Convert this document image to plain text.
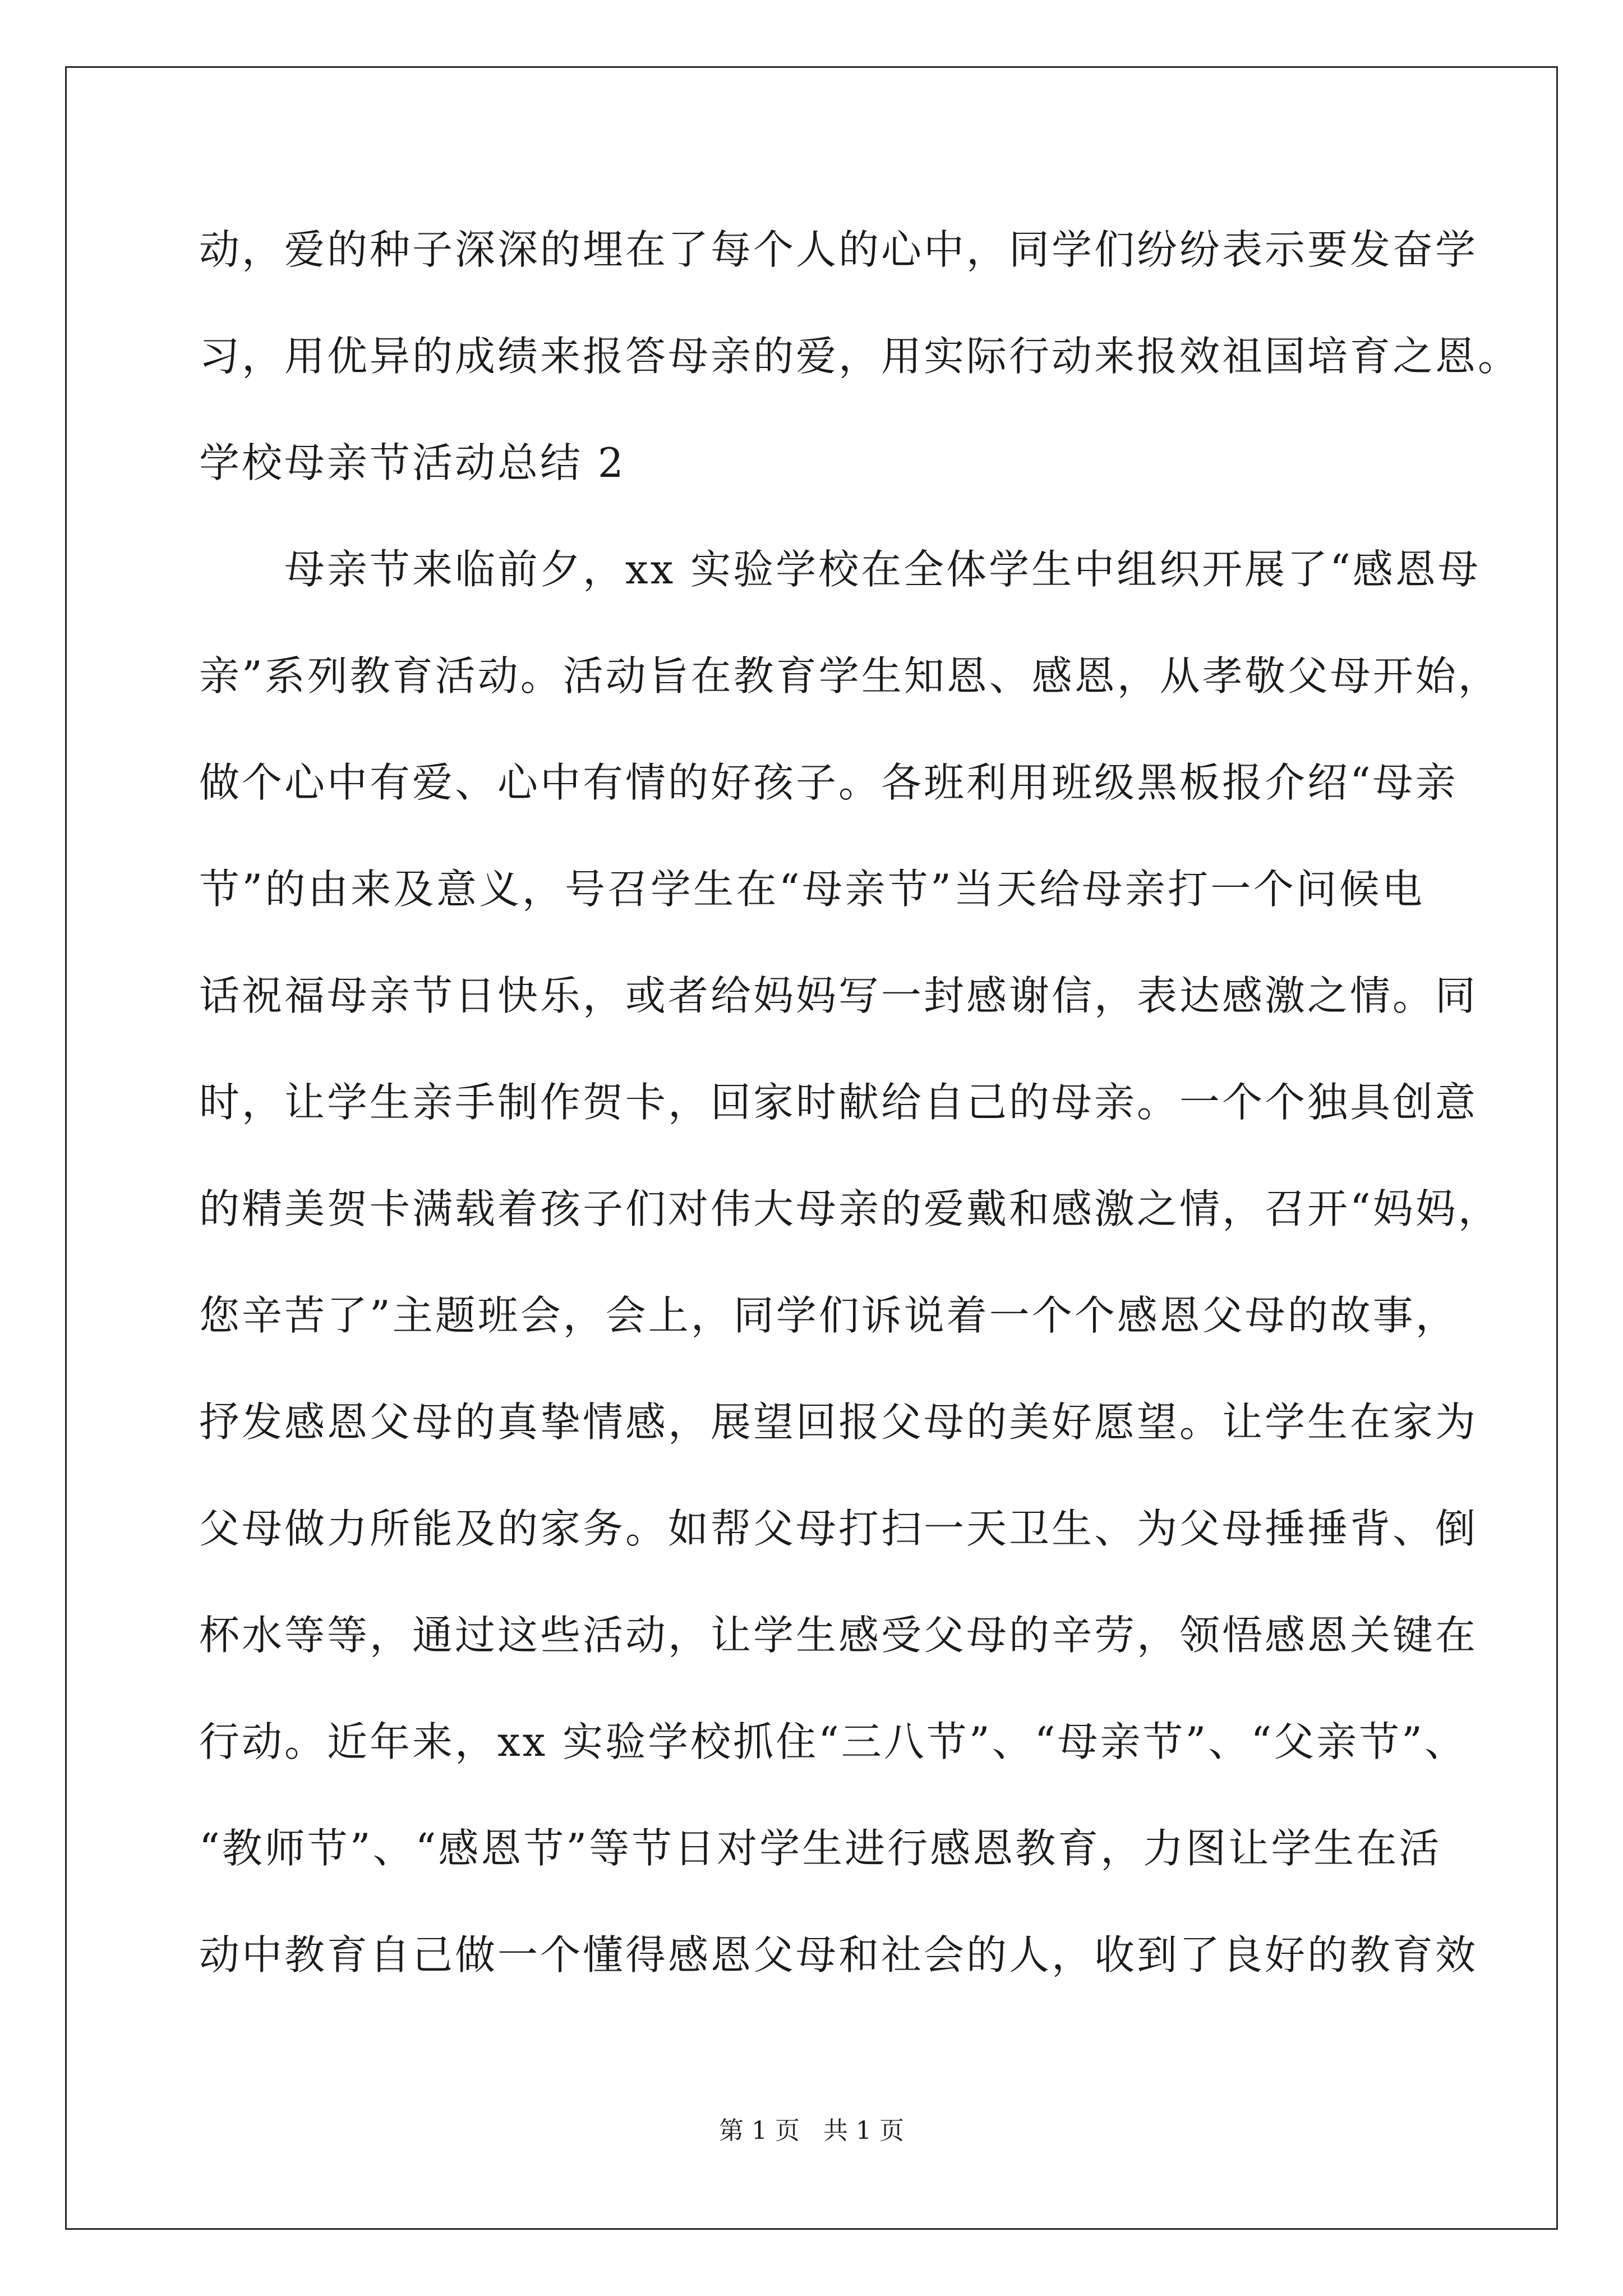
动，爱的种子深深的埋在了每个人的心中，同学们纷纷表示要发奋学
习，用优异的成绩来报答母亲的爱，用实际行动来报效祖国培育之恩。
学校母亲节活动总结 2
母亲节来临前夕，xx 实验学校在全体学生中组织开展了“感恩母
亲”系列教育活动。活动旨在教育学生知恩、感恩，从孝敬父母开始，
做个心中有爱、心中有情的好孩子。各班利用班级黑板报介绍“母亲
节”的由来及意义，号召学生在“母亲节”当天给母亲打一个问候电
话祝福母亲节日快乐，或者给妈妈写一封感谢信，表达感激之情。同
时，让学生亲手制作贺卡，回家时献给自己的母亲。一个个独具创意
的精美贺卡满载着孩子们对伟大母亲的爱戴和感激之情，召开“妈妈，
您辛苦了”主题班会，会上，同学们诉说着一个个感恩父母的故事，
抒发感恩父母的真挚情感，展望回报父母的美好愿望。让学生在家为
父母做力所能及的家务。如帮父母打扫一天卫生、为父母捶捶背、倒
杯水等等，通过这些活动，让学生感受父母的辛劳，领悟感恩关键在
行动。近年来，xx 实验学校抓住“三八节”、“母亲节”、“父亲节”、
“教师节”、“感恩节”等节日对学生进行感恩教育，力图让学生在活
动中教育自己做一个懂得感恩父母和社会的人，收到了良好的教育效
第 1 页   共 1 页
